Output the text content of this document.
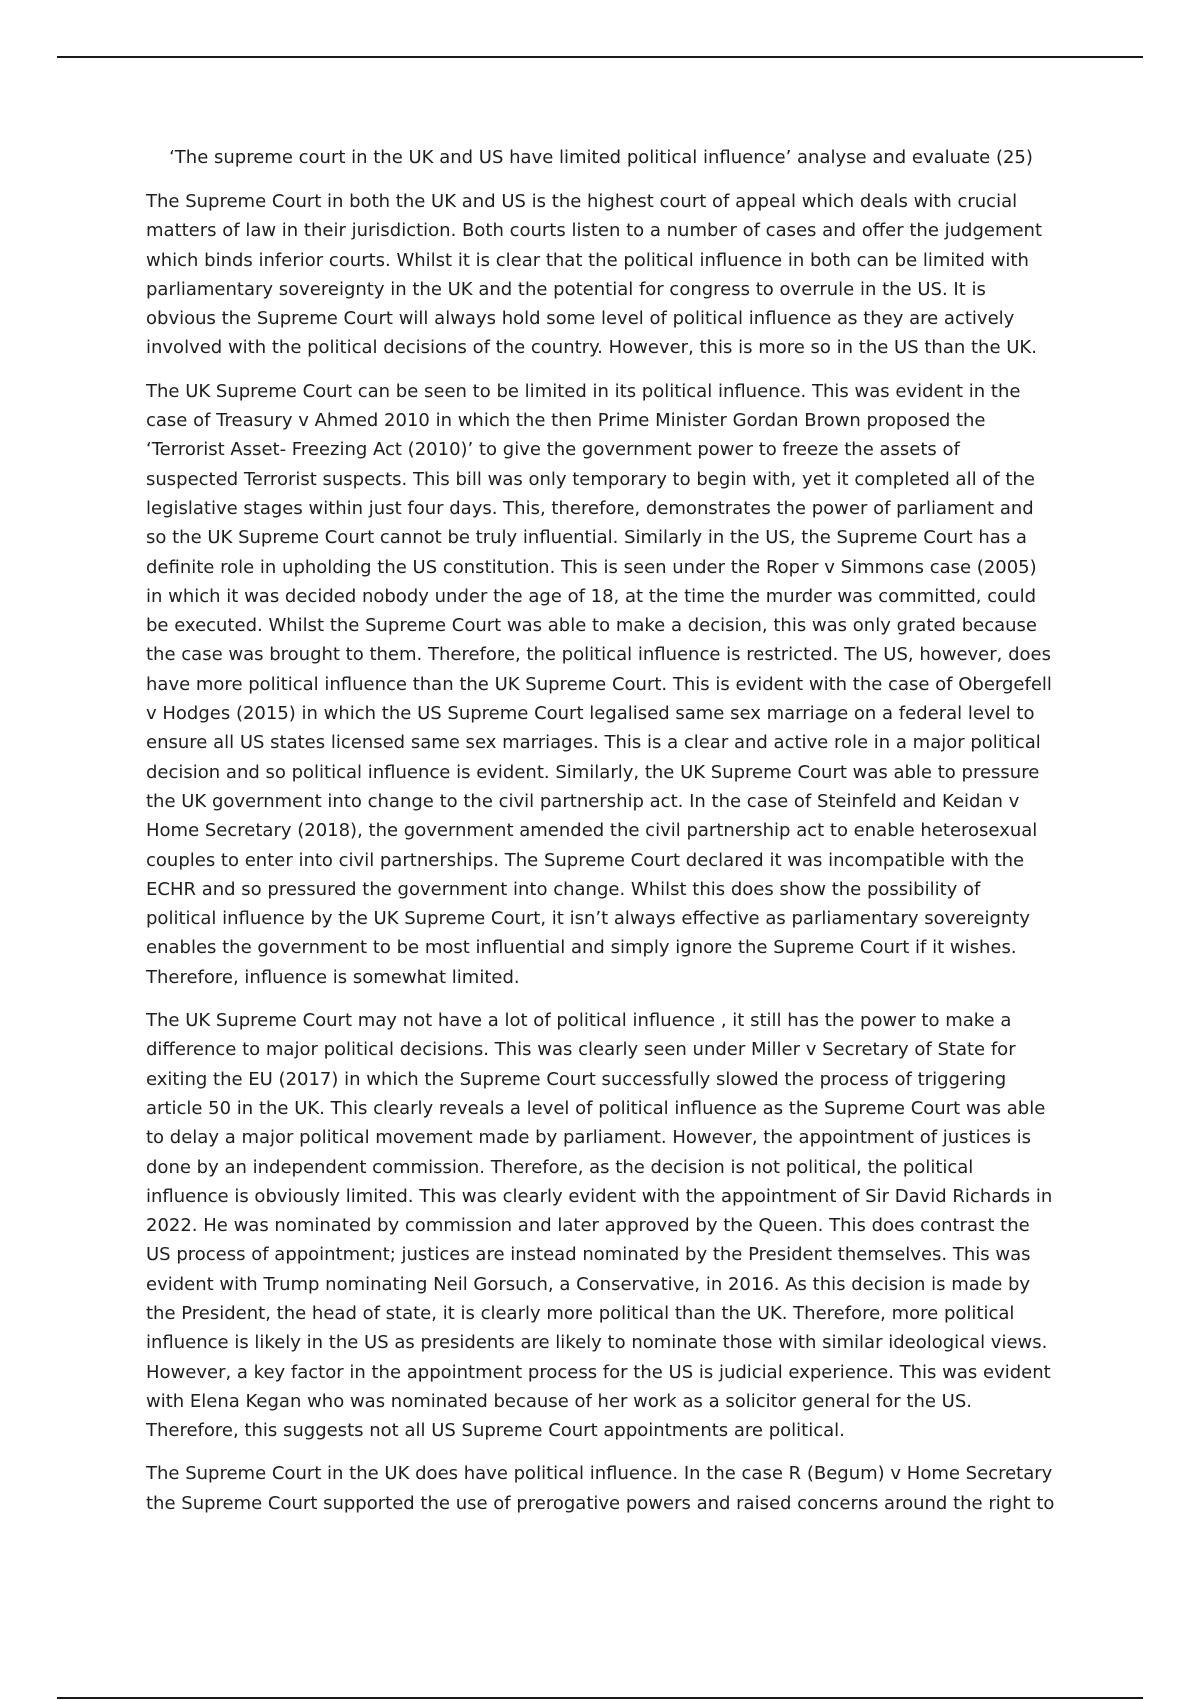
‘The supreme court in the UK and US have limited political influence’ analyse and evaluate (25)

The Supreme Court in both the UK and US is the highest court of appeal which deals with crucial matters of law in their jurisdiction. Both courts listen to a number of cases and offer the judgement which binds inferior courts. Whilst it is clear that the political influence in both can be limited with parliamentary sovereignty in the UK and the potential for congress to overrule in the US. It is obvious the Supreme Court will always hold some level of political influence as they are actively involved with the political decisions of the country. However, this is more so in the US than the UK.

The UK Supreme Court can be seen to be limited in its political influence. This was evident in the case of Treasury v Ahmed 2010 in which the then Prime Minister Gordan Brown proposed the ‘Terrorist Asset- Freezing Act (2010)’ to give the government power to freeze the assets of suspected Terrorist suspects. This bill was only temporary to begin with, yet it completed all of the legislative stages within just four days. This, therefore, demonstrates the power of parliament and so the UK Supreme Court cannot be truly influential. Similarly in the US, the Supreme Court has a definite role in upholding the US constitution. This is seen under the Roper v Simmons case (2005) in which it was decided nobody under the age of 18, at the time the murder was committed, could be executed. Whilst the Supreme Court was able to make a decision, this was only grated because the case was brought to them. Therefore, the political influence is restricted. The US, however, does have more political influence than the UK Supreme Court. This is evident with the case of Obergefell v Hodges (2015) in which the US Supreme Court legalised same sex marriage on a federal level to ensure all US states licensed same sex marriages. This is a clear and active role in a major political decision and so political influence is evident. Similarly, the UK Supreme Court was able to pressure the UK government into change to the civil partnership act. In the case of Steinfeld and Keidan v Home Secretary (2018), the government amended the civil partnership act to enable heterosexual couples to enter into civil partnerships. The Supreme Court declared it was incompatible with the ECHR and so pressured the government into change. Whilst this does show the possibility of political influence by the UK Supreme Court, it isn’t always effective as parliamentary sovereignty enables the government to be most influential and simply ignore the Supreme Court if it wishes. Therefore, influence is somewhat limited.

The UK Supreme Court may not have a lot of political influence , it still has the power to make a difference to major political decisions. This was clearly seen under Miller v Secretary of State for exiting the EU (2017) in which the Supreme Court successfully slowed the process of triggering article 50 in the UK. This clearly reveals a level of political influence as the Supreme Court was able to delay a major political movement made by parliament. However, the appointment of justices is done by an independent commission. Therefore, as the decision is not political, the political influence is obviously limited. This was clearly evident with the appointment of Sir David Richards in 2022. He was nominated by commission and later approved by the Queen. This does contrast the US process of appointment; justices are instead nominated by the President themselves. This was evident with Trump nominating Neil Gorsuch, a Conservative, in 2016. As this decision is made by the President, the head of state, it is clearly more political than the UK. Therefore, more political influence is likely in the US as presidents are likely to nominate those with similar ideological views. However, a key factor in the appointment process for the US is judicial experience. This was evident with Elena Kegan who was nominated because of her work as a solicitor general for the US. Therefore, this suggests not all US Supreme Court appointments are political.

The Supreme Court in the UK does have political influence. In the case R (Begum) v Home Secretary the Supreme Court supported the use of prerogative powers and raised concerns around the right to
